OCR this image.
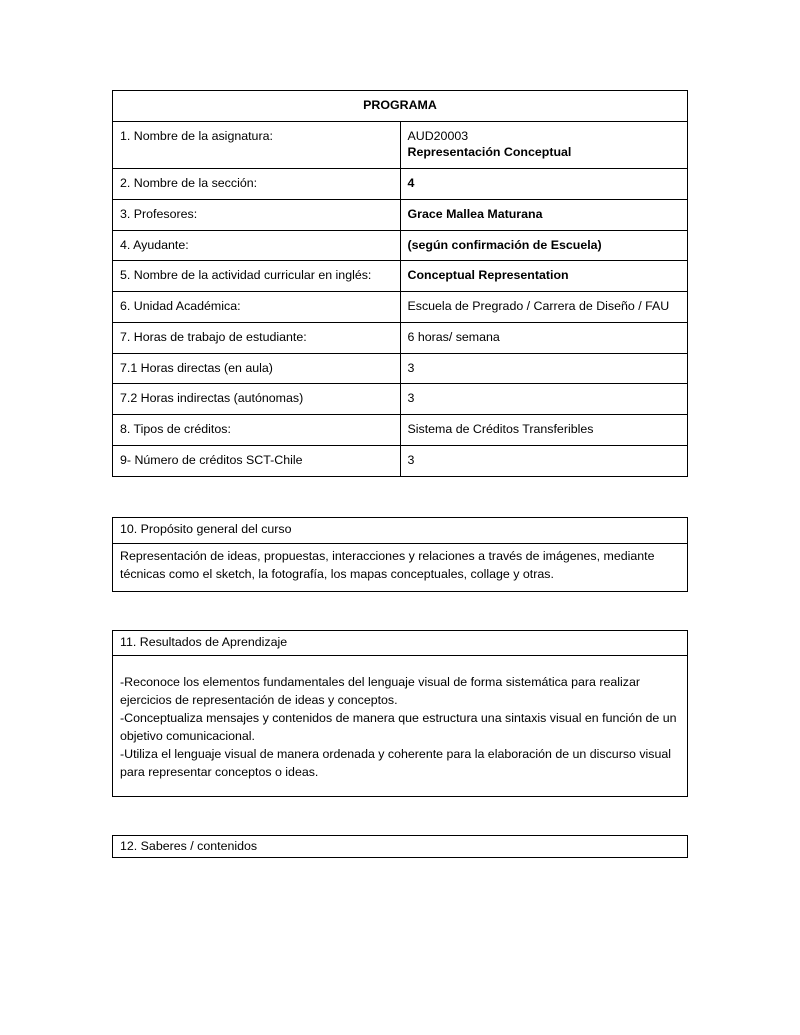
PROGRAMA	
1. Nombre de la asignatura:	AUD20003
Representación Conceptual

2. Nombre de la sección:	4
3. Profesores:	Grace Mallea Maturana
4. Ayudante:	(según confirmación de Escuela)
5. Nombre de la actividad curricular en inglés:	Conceptual Representation
6. Unidad Académica:	Escuela de Pregrado / Carrera de Diseño / FAU
7. Horas de trabajo de estudiante:	6 horas/ semana
7.1 Horas directas (en aula)	3
7.2 Horas indirectas (autónomas)	3
8. Tipos de créditos:	Sistema de Créditos Transferibles
9- Número de créditos SCT-Chile	3
10. Propósito general del curso

Representación de ideas, propuestas, interacciones y relaciones a través de imágenes, mediante técnicas como el sketch, la fotografía, los mapas conceptuales, collage y otras.

11. Resultados de Aprendizaje

-Reconoce los elementos fundamentales del lenguaje visual de forma sistemática para realizar ejercicios de representación de ideas y conceptos.

-Conceptualiza mensajes y contenidos de manera que estructura una sintaxis visual en función de un objetivo comunicacional.

-Utiliza el lenguaje visual de manera ordenada y coherente para la elaboración de un discurso visual para representar conceptos o ideas.

12. Saberes / contenidos
